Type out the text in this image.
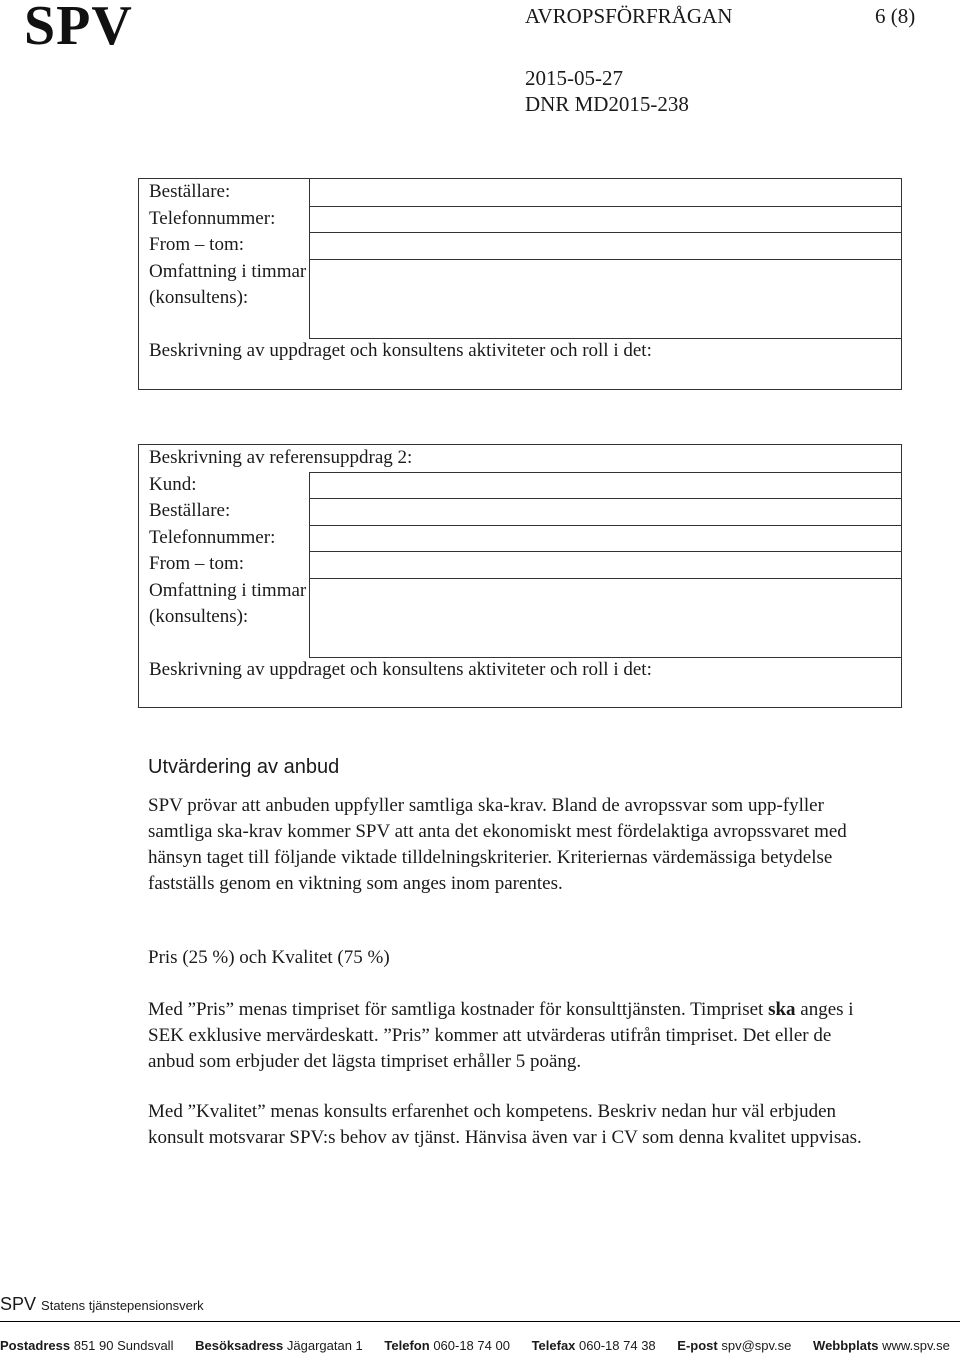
SPV	AVROPSFÖRFRÅGAN	6 (8)
2015-05-27
DNR MD2015-238
Beställare:
Telefonnummer:
From – tom:
Omfattning i timmar (konsultens):
Beskrivning av uppdraget och konsultens aktiviteter och roll i det:
Beskrivning av referensuppdrag 2:
Kund:
Beställare:
Telefonnummer:
From – tom:
Omfattning i timmar (konsultens):
Beskrivning av uppdraget och konsultens aktiviteter och roll i det:
Utvärdering av anbud

SPV prövar att anbuden uppfyller samtliga ska-krav. Bland de avropssvar som upp-fyller samtliga ska-krav kommer SPV att anta det ekonomiskt mest fördelaktiga avropssvaret med hänsyn taget till följande viktade tilldelningskriterier. Kriteriernas värdemässiga betydelse fastställs genom en viktning som anges inom parentes.

Pris (25 %) och Kvalitet (75 %)

Med ”Pris” menas timpriset för samtliga kostnader för konsulttjänsten. Timpriset ska anges i SEK exklusive mervärdeskatt. ”Pris” kommer att utvärderas utifrån timpriset. Det eller de anbud som erbjuder det lägsta timpriset erhåller 5 poäng.

Med ”Kvalitet” menas konsults erfarenhet och kompetens. Beskriv nedan hur väl erbjuden konsult motsvarar SPV:s behov av tjänst. Hänvisa även var i CV som denna kvalitet uppvisas.

SPV Statens tjänstepensionsverk
Postadress 851 90 Sundsvall Besöksadress Jägargatan 1 Telefon 060-18 74 00 Telefax 060-18 74 38 E-post spv@spv.se Webbplats www.spv.se
